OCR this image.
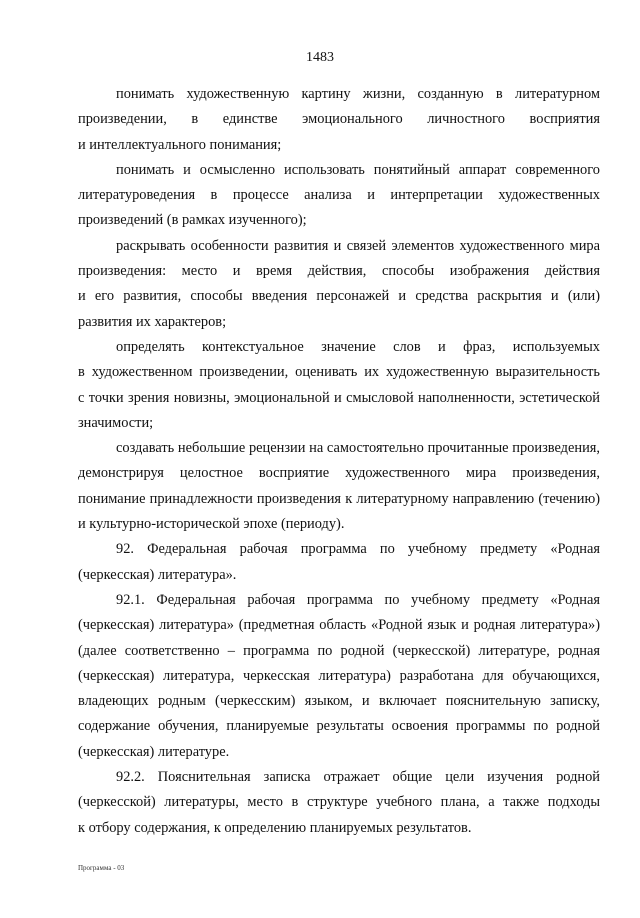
1483
понимать художественную картину жизни, созданную в литературном
произведении, в единстве эмоционального личностного восприятия
и интеллектуального понимания;
понимать и осмысленно использовать понятийный аппарат современного
литературоведения в процессе анализа и интерпретации художественных
произведений (в рамках изученного);
раскрывать особенности развития и связей элементов художественного мира
произведения: место и время действия, способы изображения действия
и его развития, способы введения персонажей и средства раскрытия и (или)
развития их характеров;
определять контекстуальное значение слов и фраз, используемых
в художественном произведении, оценивать их художественную выразительность
с точки зрения новизны, эмоциональной и смысловой наполненности, эстетической
значимости;
создавать небольшие рецензии на самостоятельно прочитанные произведения,
демонстрируя целостное восприятие художественного мира произведения,
понимание принадлежности произведения к литературному направлению (течению)
и культурно-исторической эпохе (периоду).
92. Федеральная рабочая программа по учебному предмету «Родная
(черкесская) литература».
92.1. Федеральная рабочая программа по учебному предмету «Родная
(черкесская) литература» (предметная область «Родной язык и родная литература»)
(далее соответственно – программа по родной (черкесской) литературе, родная
(черкесская) литература, черкесская литература) разработана для обучающихся,
владеющих родным (черкесским) языком, и включает пояснительную записку,
содержание обучения, планируемые результаты освоения программы по родной
(черкесская) литературе.
92.2. Пояснительная записка отражает общие цели изучения родной
(черкесской) литературы, место в структуре учебного плана, а также подходы
к отбору содержания, к определению планируемых результатов.
Программа - 03
